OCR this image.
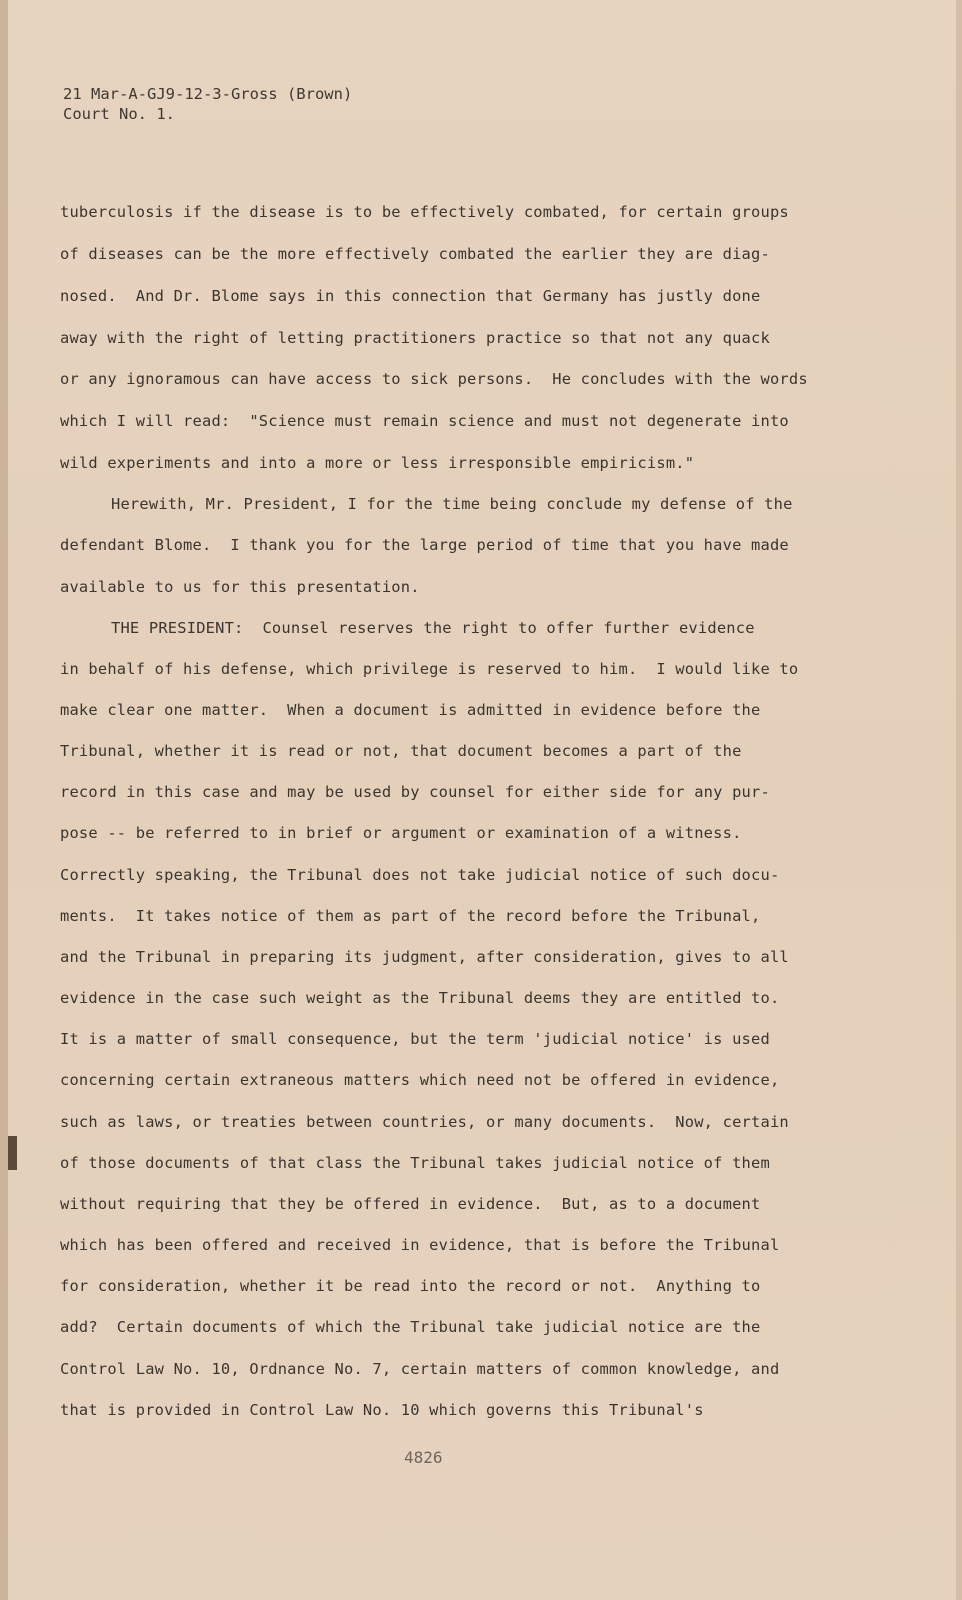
21 Mar-A-GJ9-12-3-Gross (Brown)
Court No. 1.
tuberculosis if the disease is to be effectively combated, for certain groups
of diseases can be the more effectively combated the earlier they are diag-
nosed.  And Dr. Blome says in this connection that Germany has justly done
away with the right of letting practitioners practice so that not any quack
or any ignoramous can have access to sick persons.  He concludes with the words
which I will read:  "Science must remain science and must not degenerate into
wild experiments and into a more or less irresponsible empiricism."
Herewith, Mr. President, I for the time being conclude my defense of the
defendant Blome.  I thank you for the large period of time that you have made
available to us for this presentation.
THE PRESIDENT:  Counsel reserves the right to offer further evidence
in behalf of his defense, which privilege is reserved to him.  I would like to
make clear one matter.  When a document is admitted in evidence before the
Tribunal, whether it is read or not, that document becomes a part of the
record in this case and may be used by counsel for either side for any pur-
pose -- be referred to in brief or argument or examination of a witness.
Correctly speaking, the Tribunal does not take judicial notice of such docu-
ments.  It takes notice of them as part of the record before the Tribunal,
and the Tribunal in preparing its judgment, after consideration, gives to all
evidence in the case such weight as the Tribunal deems they are entitled to.
It is a matter of small consequence, but the term 'judicial notice' is used
concerning certain extraneous matters which need not be offered in evidence,
such as laws, or treaties between countries, or many documents.  Now, certain
of those documents of that class the Tribunal takes judicial notice of them
without requiring that they be offered in evidence.  But, as to a document
which has been offered and received in evidence, that is before the Tribunal
for consideration, whether it be read into the record or not.  Anything to
add?  Certain documents of which the Tribunal take judicial notice are the
Control Law No. 10, Ordnance No. 7, certain matters of common knowledge, and
that is provided in Control Law No. 10 which governs this Tribunal's
4826
